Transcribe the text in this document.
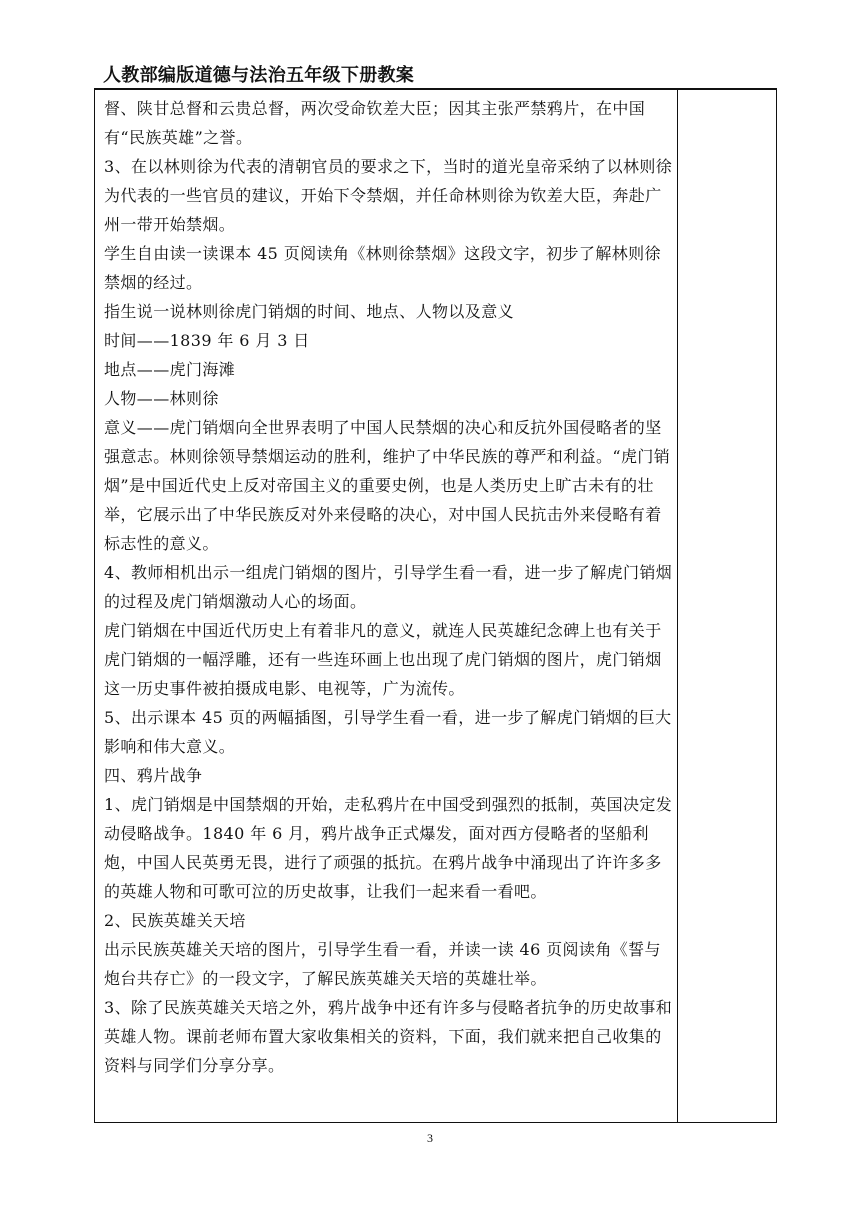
人教部编版道德与法治五年级下册教案

督、陕甘总督和云贵总督，两次受命钦差大臣；因其主张严禁鸦片，在中国有“民族英雄”之誉。

3、在以林则徐为代表的清朝官员的要求之下，当时的道光皇帝采纳了以林则徐为代表的一些官员的建议，开始下令禁烟，并任命林则徐为钦差大臣，奔赴广州一带开始禁烟。

学生自由读一读课本 45 页阅读角《林则徐禁烟》这段文字，初步了解林则徐禁烟的经过。

指生说一说林则徐虎门销烟的时间、地点、人物以及意义

时间——1839 年 6 月 3 日

地点——虎门海滩

人物——林则徐

意义——虎门销烟向全世界表明了中国人民禁烟的决心和反抗外国侵略者的坚强意志。林则徐领导禁烟运动的胜利，维护了中华民族的尊严和利益。“虎门销烟”是中国近代史上反对帝国主义的重要史例，也是人类历史上旷古未有的壮举，它展示出了中华民族反对外来侵略的决心，对中国人民抗击外来侵略有着标志性的意义。

4、教师相机出示一组虎门销烟的图片，引导学生看一看，进一步了解虎门销烟的过程及虎门销烟激动人心的场面。

虎门销烟在中国近代历史上有着非凡的意义，就连人民英雄纪念碑上也有关于虎门销烟的一幅浮雕，还有一些连环画上也出现了虎门销烟的图片，虎门销烟这一历史事件被拍摄成电影、电视等，广为流传。

5、出示课本 45 页的两幅插图，引导学生看一看，进一步了解虎门销烟的巨大影响和伟大意义。

四、鸦片战争

1、虎门销烟是中国禁烟的开始，走私鸦片在中国受到强烈的抵制，英国决定发动侵略战争。1840 年 6 月，鸦片战争正式爆发，面对西方侵略者的坚船利炮，中国人民英勇无畏，进行了顽强的抵抗。在鸦片战争中涌现出了许许多多的英雄人物和可歌可泣的历史故事，让我们一起来看一看吧。

2、民族英雄关天培

出示民族英雄关天培的图片，引导学生看一看，并读一读 46 页阅读角《誓与炮台共存亡》的一段文字，了解民族英雄关天培的英雄壮举。

3、除了民族英雄关天培之外，鸦片战争中还有许多与侵略者抗争的历史故事和英雄人物。课前老师布置大家收集相关的资料，下面，我们就来把自己收集的资料与同学们分享分享。

3
